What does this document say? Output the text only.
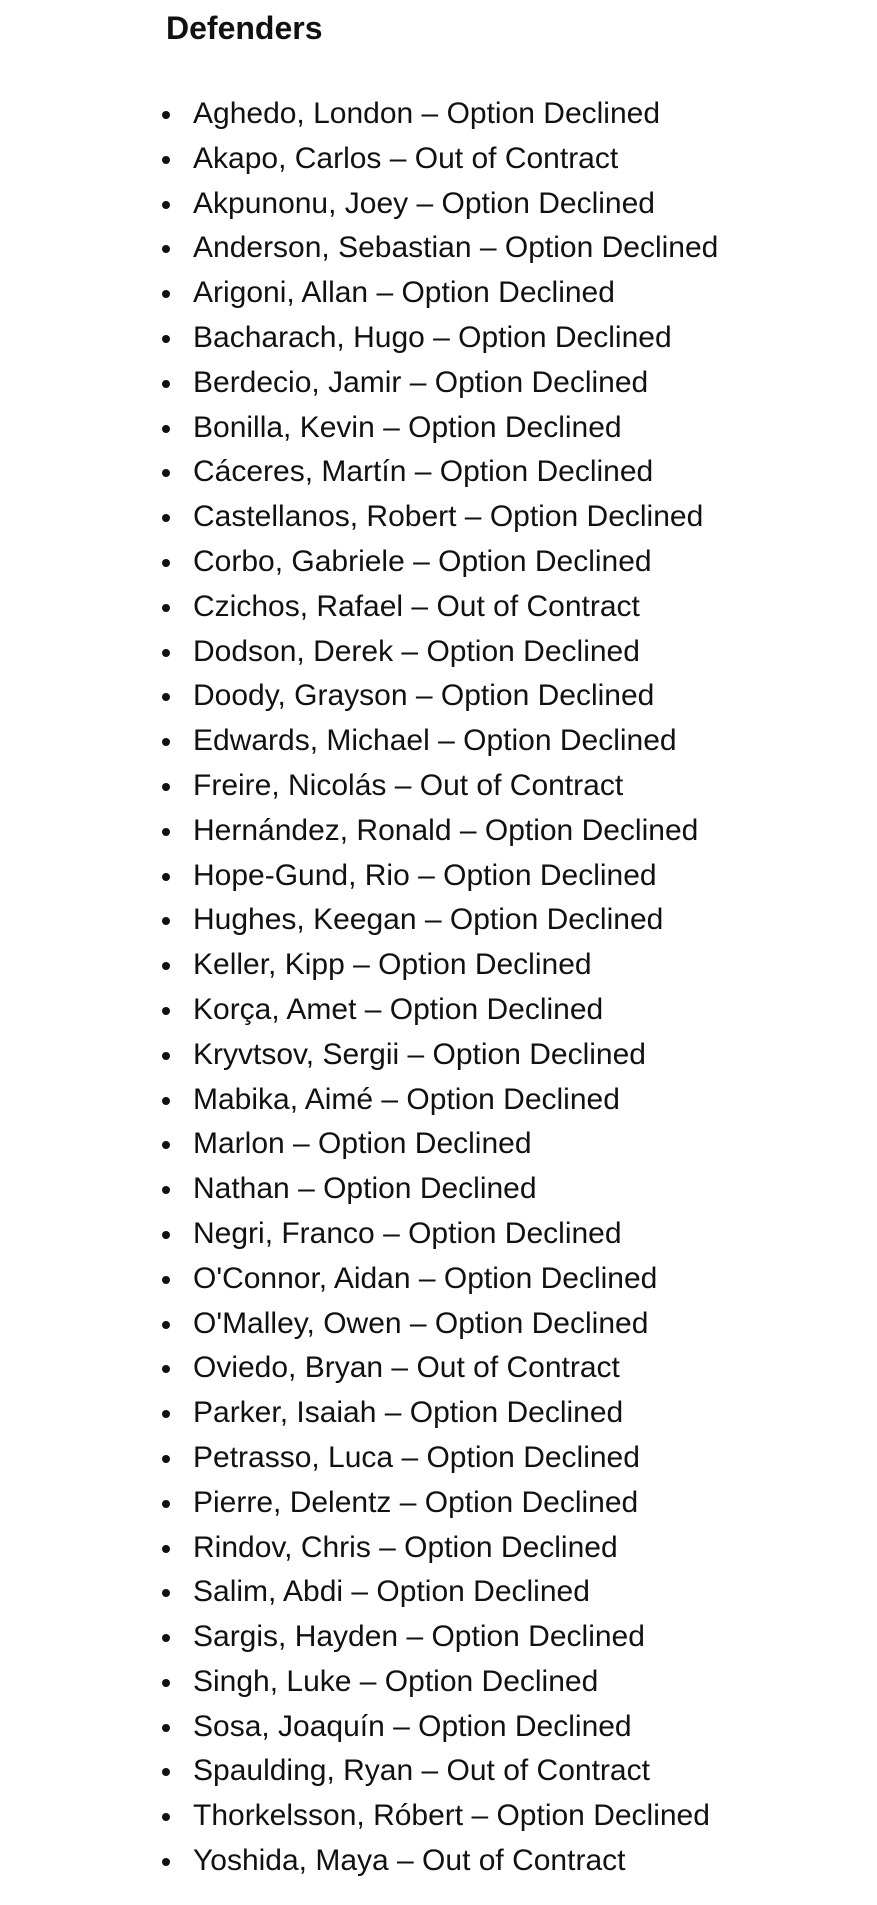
Defenders
Aghedo, London – Option Declined
Akapo, Carlos – Out of Contract
Akpunonu, Joey – Option Declined
Anderson, Sebastian – Option Declined
Arigoni, Allan – Option Declined
Bacharach, Hugo – Option Declined
Berdecio, Jamir – Option Declined
Bonilla, Kevin – Option Declined
Cáceres, Martín – Option Declined
Castellanos, Robert – Option Declined
Corbo, Gabriele – Option Declined
Czichos, Rafael – Out of Contract
Dodson, Derek – Option Declined
Doody, Grayson – Option Declined
Edwards, Michael – Option Declined
Freire, Nicolás – Out of Contract
Hernández, Ronald – Option Declined
Hope-Gund, Rio – Option Declined
Hughes, Keegan – Option Declined
Keller, Kipp – Option Declined
Korça, Amet – Option Declined
Kryvtsov, Sergii – Option Declined
Mabika, Aimé – Option Declined
Marlon – Option Declined
Nathan – Option Declined
Negri, Franco – Option Declined
O'Connor, Aidan – Option Declined
O'Malley, Owen – Option Declined
Oviedo, Bryan – Out of Contract
Parker, Isaiah – Option Declined
Petrasso, Luca – Option Declined
Pierre, Delentz – Option Declined
Rindov, Chris – Option Declined
Salim, Abdi – Option Declined
Sargis, Hayden – Option Declined
Singh, Luke – Option Declined
Sosa, Joaquín – Option Declined
Spaulding, Ryan – Out of Contract
Thorkelsson, Róbert – Option Declined
Yoshida, Maya – Out of Contract
